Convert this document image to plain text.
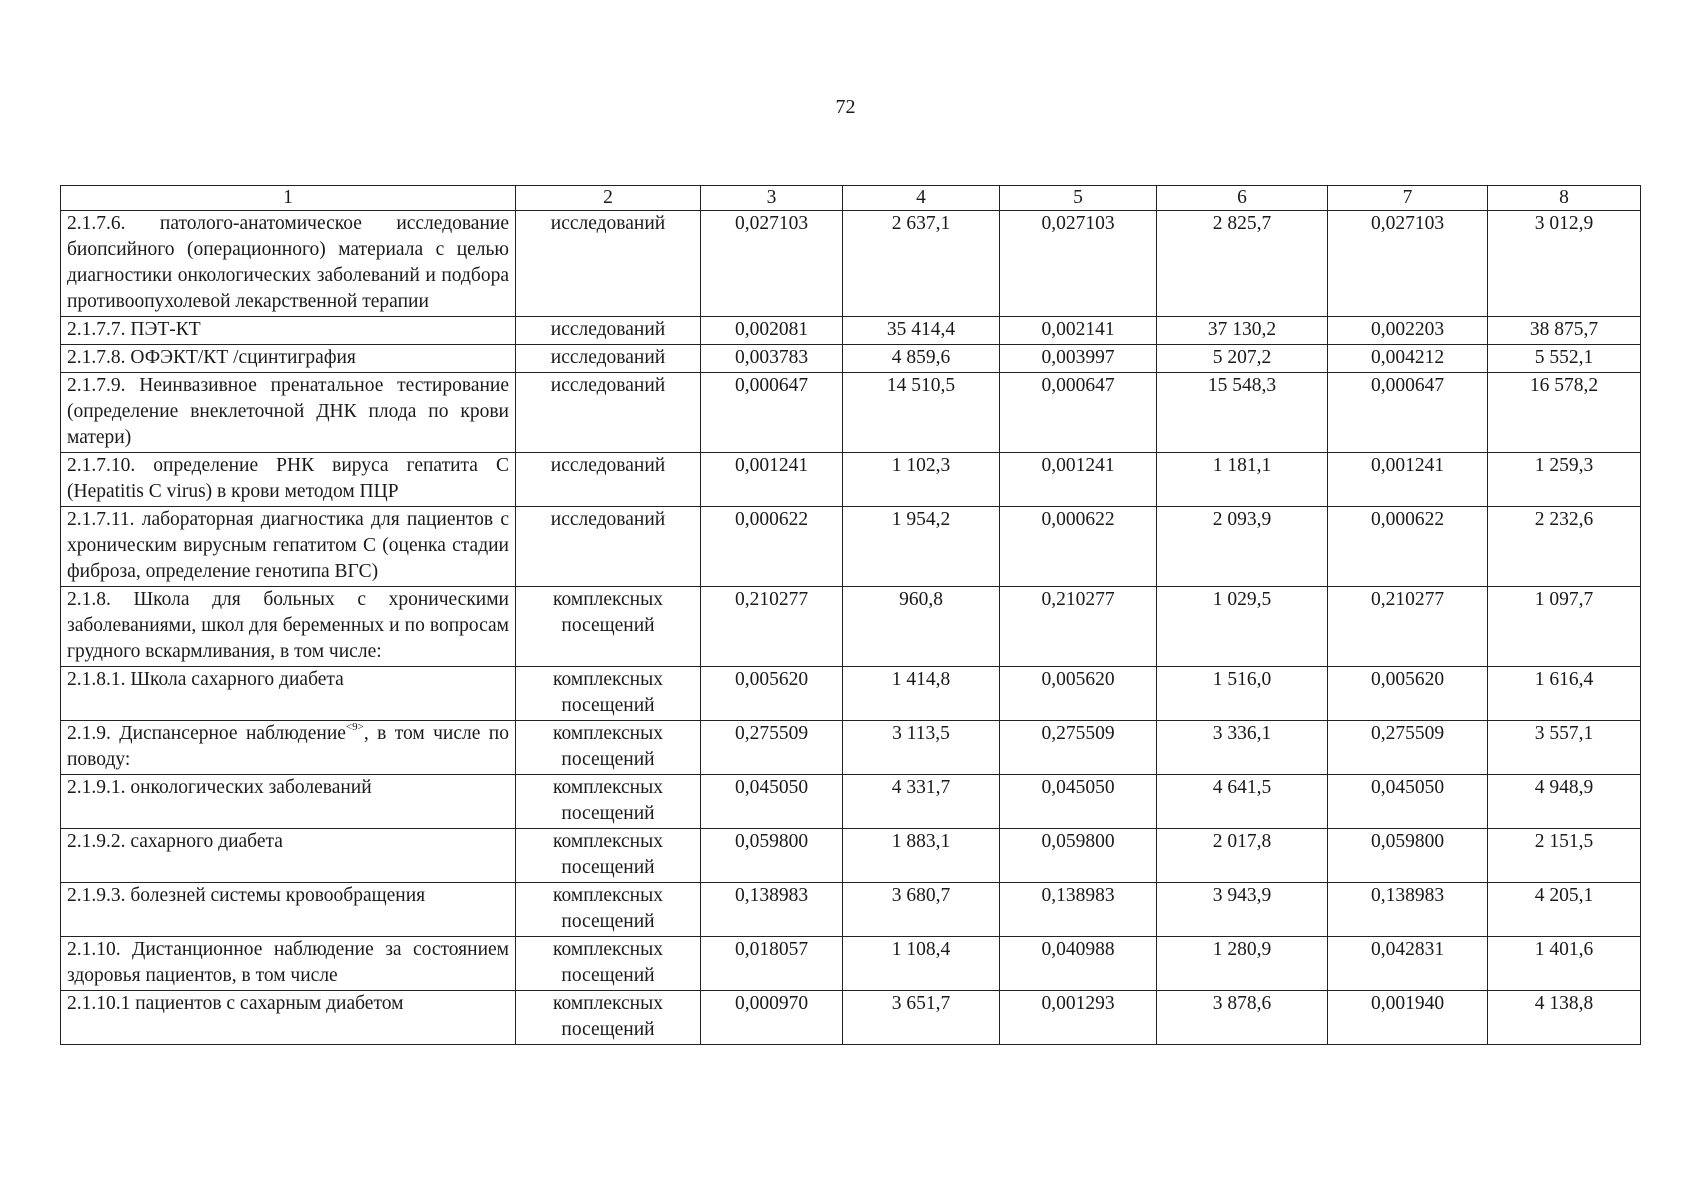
72
1	2	3	4	5	6	7	8
2.1.7.6. патолого-анатомическое исследование биопсийного (операционного) материала с целью диагностики онкологических заболеваний и подбора противоопухолевой лекарственной терапии	исследований	0,027103	2 637,1	0,027103	2 825,7	0,027103	3 012,9
2.1.7.7. ПЭТ-КТ	исследований	0,002081	35 414,4	0,002141	37 130,2	0,002203	38 875,7
2.1.7.8. ОФЭКТ/КТ /сцинтиграфия	исследований	0,003783	4 859,6	0,003997	5 207,2	0,004212	5 552,1
2.1.7.9. Неинвазивное пренатальное тестирование (определение внеклеточной ДНК плода по крови матери)	исследований	0,000647	14 510,5	0,000647	15 548,3	0,000647	16 578,2
2.1.7.10. определение РНК вируса гепатита С (Hepatitis С virus) в крови методом ПЦР	исследований	0,001241	1 102,3	0,001241	1 181,1	0,001241	1 259,3
2.1.7.11. лабораторная диагностика для пациентов с хроническим вирусным гепатитом С (оценка стадии фиброза, определение генотипа ВГС)	исследований	0,000622	1 954,2	0,000622	2 093,9	0,000622	2 232,6
2.1.8. Школа для больных с хроническими заболеваниями, школ для беременных и по вопросам грудного вскармливания, в том числе:	комплексных посещений	0,210277	960,8	0,210277	1 029,5	0,210277	1 097,7
2.1.8.1. Школа сахарного диабета	комплексных посещений	0,005620	1 414,8	0,005620	1 516,0	0,005620	1 616,4
2.1.9. Диспансерное наблюдение$^{<9>}$, в том числе по поводу:	комплексных посещений	0,275509	3 113,5	0,275509	3 336,1	0,275509	3 557,1
2.1.9.1. онкологических заболеваний	комплексных посещений	0,045050	4 331,7	0,045050	4 641,5	0,045050	4 948,9
2.1.9.2. сахарного диабета	комплексных посещений	0,059800	1 883,1	0,059800	2 017,8	0,059800	2 151,5
2.1.9.3. болезней системы кровообращения	комплексных посещений	0,138983	3 680,7	0,138983	3 943,9	0,138983	4 205,1
2.1.10. Дистанционное наблюдение за состоянием здоровья пациентов, в том числе	комплексных посещений	0,018057	1 108,4	0,040988	1 280,9	0,042831	1 401,6
2.1.10.1 пациентов с сахарным диабетом	комплексных посещений	0,000970	3 651,7	0,001293	3 878,6	0,001940	4 138,8
